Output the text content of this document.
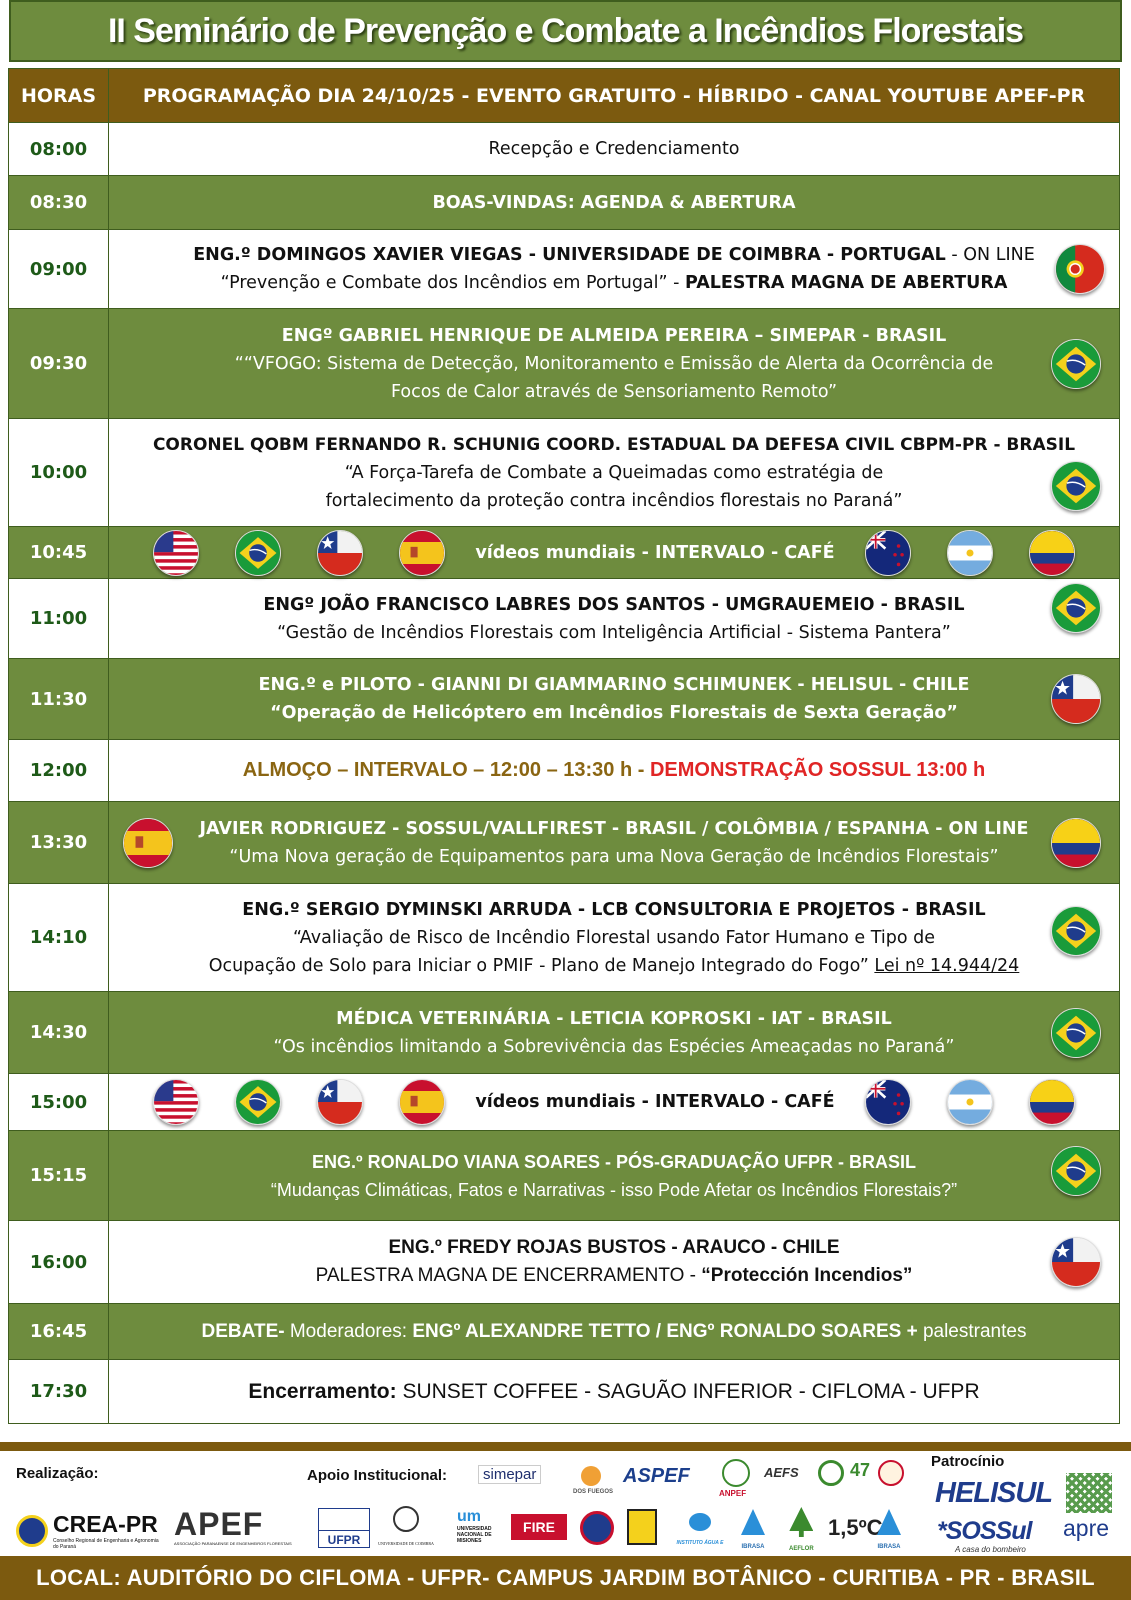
II Seminário de Prevenção e Combate a Incêndios Florestais
HORAS	PROGRAMAÇÃO DIA 24/10/25 - EVENTO GRATUITO - HÍBRIDO - CANAL YOUTUBE APEF-PR
08:00	Recepção e Credenciamento
08:30	BOAS-VINDAS: AGENDA & ABERTURA
09:00	ENG.º DOMINGOS XAVIER VIEGAS - UNIVERSIDADE DE COIMBRA - PORTUGAL - ON LINE
“Prevenção e Combate dos Incêndios em Portugal” - PALESTRA MAGNA DE ABERTURA

09:30	ENGº GABRIEL HENRIQUE DE ALMEIDA PEREIRA – SIMEPAR - BRASIL
““VFOGO: Sistema de Detecção, Monitoramento e Emissão de Alerta da Ocorrência de
Focos de Calor através de Sensoriamento Remoto”

10:00	CORONEL QOBM FERNANDO R. SCHUNIG COORD. ESTADUAL DA DEFESA CIVIL CBPM-PR - BRASIL
“A Força-Tarefa de Combate a Queimadas como estratégia de
fortalecimento da proteção contra incêndios florestais no Paraná”

10:45	vídeos mundiais - INTERVALO - CAFÉ

11:00	ENGº JOÃO FRANCISCO LABRES DOS SANTOS - UMGRAUEMEIO - BRASIL
“Gestão de Incêndios Florestais com Inteligência Artificial - Sistema Pantera”

11:30	ENG.º e PILOTO - GIANNI DI GIAMMARINO SCHIMUNEK - HELISUL - CHILE
“Operação de Helicóptero em Incêndios Florestais de Sexta Geração”

12:00	ALMOÇO – INTERVALO – 12:00 – 13:30 h - DEMONSTRAÇÃO SOSSUL 13:00 h
13:30	JAVIER RODRIGUEZ - SOSSUL/VALLFIREST - BRASIL / COLÔMBIA / ESPANHA - ON LINE
“Uma Nova geração de Equipamentos para uma Nova Geração de Incêndios Florestais”

14:10	ENG.º SERGIO DYMINSKI ARRUDA - LCB CONSULTORIA E PROJETOS - BRASIL
“Avaliação de Risco de Incêndio Florestal usando Fator Humano e Tipo de
Ocupação de Solo para Iniciar o PMIF - Plano de Manejo Integrado do Fogo” Lei nº 14.944/24

14:30	MÉDICA VETERINÁRIA - LETICIA KOPROSKI - IAT - BRASIL
“Os incêndios limitando a Sobrevivência das Espécies Ameaçadas no Paraná”

15:00	vídeos mundiais - INTERVALO - CAFÉ

15:15	ENG.º RONALDO VIANA SOARES - PÓS-GRADUAÇÃO UFPR - BRASIL
“Mudanças Climáticas, Fatos e Narrativas - isso Pode Afetar os Incêndios Florestais?”

16:00	ENG.º FREDY ROJAS BUSTOS - ARAUCO - CHILE
PALESTRA MAGNA DE ENCERRAMENTO - “Protección Incendios”

16:45	DEBATE- Moderadores: ENGº ALEXANDRE TETTO / ENGº RONALDO SOARES + palestrantes
17:30	Encerramento: SUNSET COFFEE - SAGUÃO INFERIOR - CIFLOMA - UFPR
Realização:	Apoio Institucional:
Patrocínio
CREA-PR
Conselho Regional de Engenharia e Agronomia do Paraná
APEF
ASSOCIAÇÃO PARANAENSE DE ENGENHEIROS FLORESTAIS
simepar
DOS FUEGOS
ASPEF
ANPEF
AEFS	47
UFPR	UNIVERSIDADE DE COIMBRA
um
UNIVERSIDAD NACIONAL DE MISIONES
FIRE
INSTITUTO ÁGUA E
IBRASA	AEFLOR
1,5ºC
IBRASA
HELISUL
*SOSSul
A casa do bombeiro
apre
LOCAL: AUDITÓRIO DO CIFLOMA - UFPR- CAMPUS JARDIM BOTÂNICO - CURITIBA - PR - BRASIL
